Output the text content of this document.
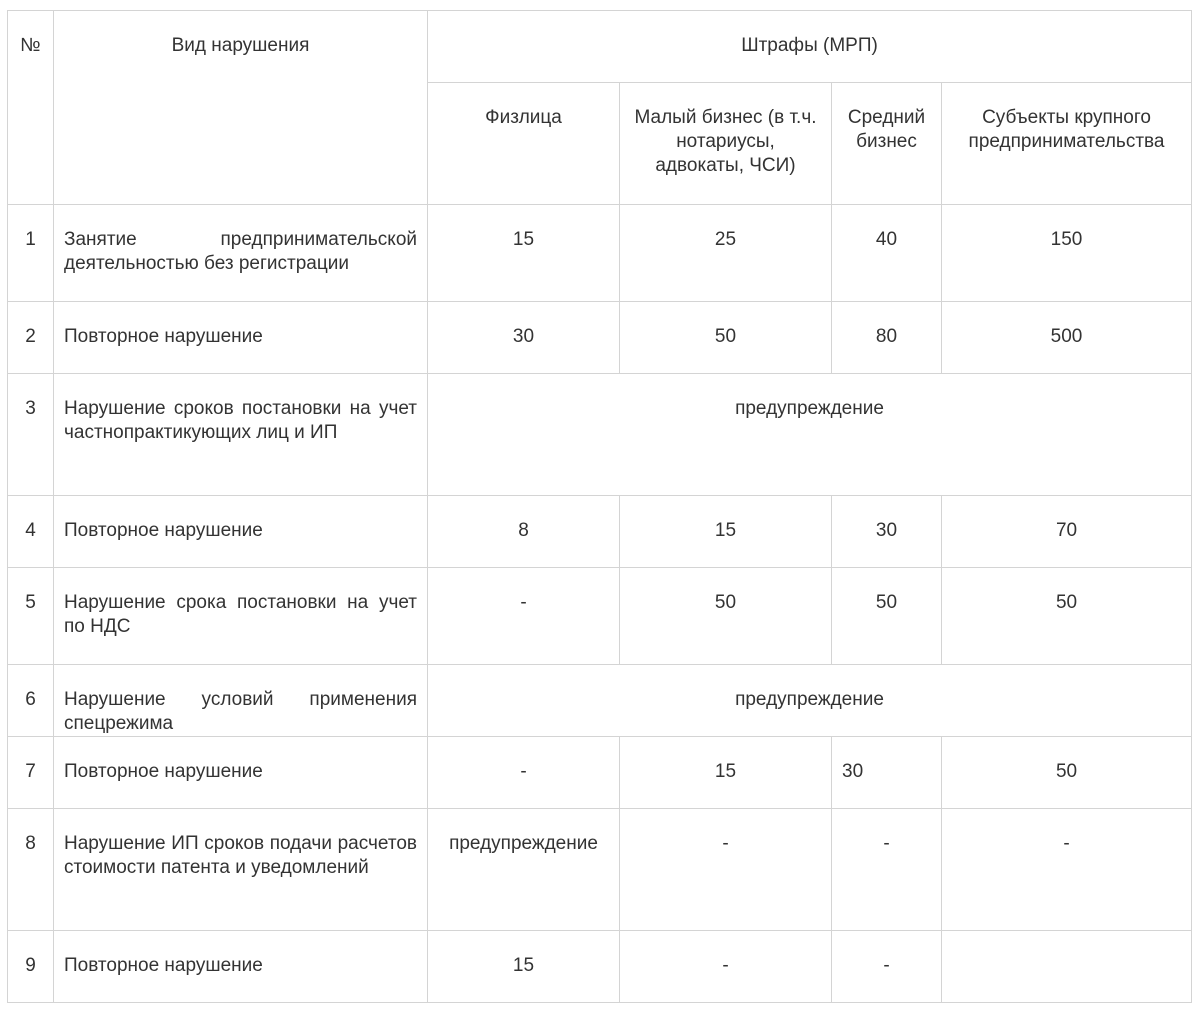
№	Вид нарушения	Штрафы (МРП)			
		Физлица	Малый бизнес (в т.ч. нотариусы, адвокаты, ЧСИ)	Средний бизнес	Субъекты крупного предпринимательства
1	Занятие предпринимательской деятельностью без регистрации	15	25	40	150
2	Повторное нарушение	30	50	80	500
3	Нарушение сроков постановки на учет частнопрактикующих лиц и ИП	предупреждение			
4	Повторное нарушение	8	15	30	70
5	Нарушение срока постановки на учет по НДС	-	50	50	50
6	Нарушение условий применения спецрежима	предупреждение			
7	Повторное нарушение	-	15	30	50
8	Нарушение ИП сроков подачи расчетов стоимости патента и уведомлений	предупреждение	-	-	-
9	Повторное нарушение	15	-	-	
